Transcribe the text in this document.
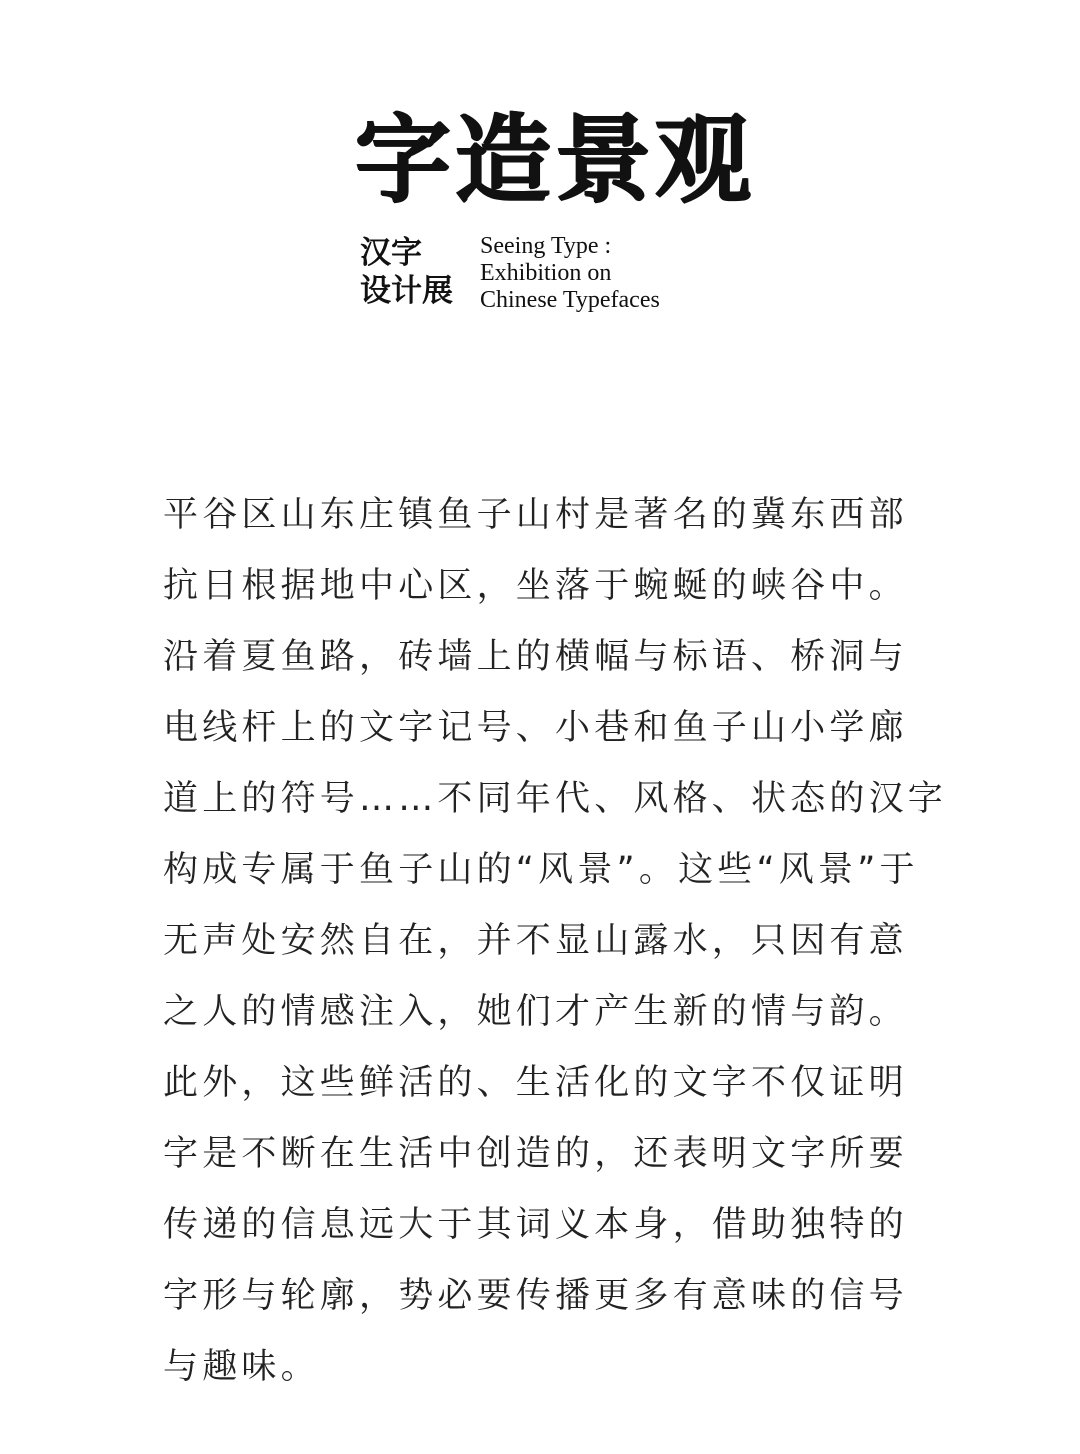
字造景观
汉字
设计展
Seeing Type :
Exhibition on
Chinese Typefaces

平谷区山东庄镇鱼子山村是著名的冀东西部
抗日根据地中心区，坐落于蜿蜒的峡谷中。
沿着夏鱼路，砖墙上的横幅与标语、桥洞与
电线杆上的文字记号、小巷和鱼子山小学廊
道上的符号……不同年代、风格、状态的汉字
构成专属于鱼子山的“风景”。这些“风景”于
无声处安然自在，并不显山露水，只因有意
之人的情感注入，她们才产生新的情与韵。
此外，这些鲜活的、生活化的文字不仅证明
字是不断在生活中创造的，还表明文字所要
传递的信息远大于其词义本身，借助独特的
字形与轮廓，势必要传播更多有意味的信号
与趣味。
